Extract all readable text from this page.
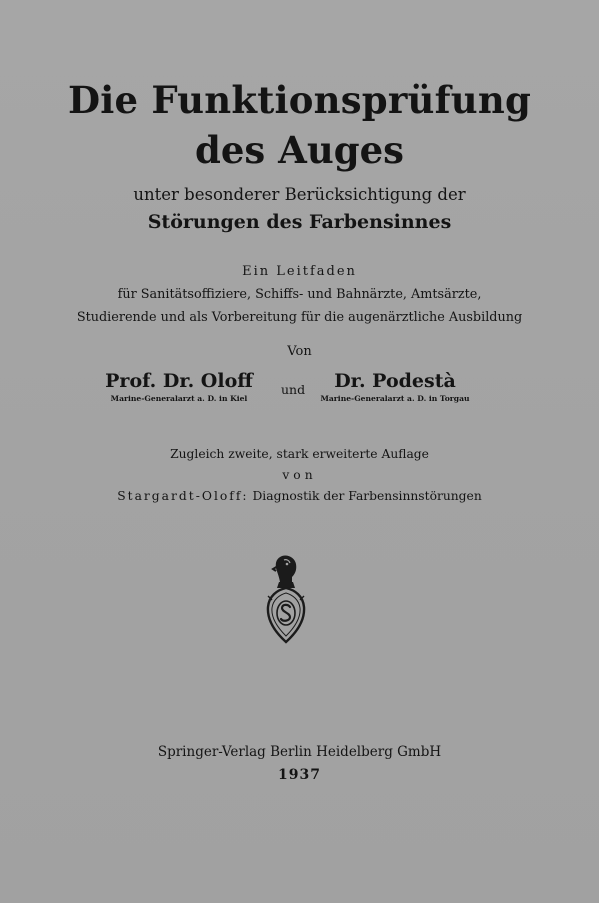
Die Funktionsprüfung
des Auges

unter besonderer Berücksichtigung der

Störungen des Farbensinnes

Ein Leitfaden

für Sanitätsoffiziere, Schiffs- und Bahnärzte, Amtsärzte,

Studierende und als Vorbereitung für die augenärztliche Ausbildung

Von

Prof. Dr. Oloff
Marine-Generalarzt a. D. in Kiel
und	Dr. Podestà
Marine-Generalarzt a. D. in Torgau

Zugleich zweite, stark erweiterte Auflage

von

Stargardt-Oloff: Diagnostik der Farbensinnstörungen

Springer-Verlag Berlin Heidelberg GmbH

1937
